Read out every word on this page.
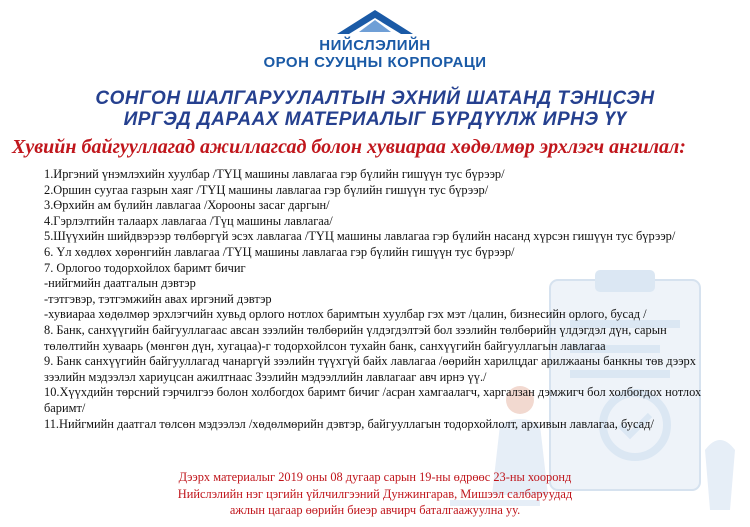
НИЙСЛЭЛИЙН
ОРОН СУУЦНЫ КОРПОРАЦИ
СОНГОН ШАЛГАРУУЛАЛТЫН ЭХНИЙ ШАТАНД ТЭНЦСЭН
ИРГЭД ДАРААХ МАТЕРИАЛЫГ БҮРДҮҮЛЖ ИРНЭ ҮҮ
Хувийн байгууллагад ажиллагсад болон хувиараа хөдөлмөр эрхлэгч ангилал:
1.Иргэний үнэмлэхийн хуулбар /ТҮЦ машины лавлагаа гэр бүлийн гишүүн тус бүрээр/
2.Оршин суугаа газрын хаяг /ТҮЦ машины лавлагаа гэр бүлийн гишүүн тус бүрээр/
3.Өрхийн ам бүлийн лавлагаа /Хорооны засаг даргын/
4.Гэрлэлтийн талаарх лавлагаа /Түц машины лавлагаа/
5.Шүүхийн шийдвэрээр төлбөргүй эсэх лавлагаа /ТҮЦ машины лавлагаа гэр бүлийн насанд хүрсэн гишүүн тус бүрээр/
6. Үл хөдлөх хөрөнгийн лавлагаа /ТҮЦ машины лавлагаа гэр бүлийн гишүүн тус бүрээр/
7. Орлогоо тодорхойлох баримт бичиг
-нийгмийн даатгалын дэвтэр
-тэтгэвэр, тэтгэмжийн авах иргэний дэвтэр
-хувиараа хөдөлмөр эрхлэгчийн хувьд орлого нотлох баримтын хуулбар гэх мэт /цалин, бизнесийн орлого, бусад /
8. Банк, санхүүгийн байгууллагаас авсан зээлийн төлбөрийн үлдэгдэлтэй бол зээлийн төлбөрийн үлдэгдэл дүн, сарын төлөлтийн хуваарь (мөнгөн дүн, хугацаа)-г тодорхойлсон тухайн банк, санхүүгийн байгууллагын лавлагаа
9. Банк санхүүгийн байгууллагад чанаргүй зээлийн түүхгүй байх лавлагаа /өөрийн харилцдаг арилжааны банкны төв дээрх зээлийн мэдээлэл хариуцсан ажилтнаас Зээлийн мэдээллийн лавлагааг авч ирнэ үү./
10.Хүүхдийн төрсний гэрчилгээ болон холбогдох баримт бичиг /асран хамгаалагч, харгалзан дэмжигч бол холбогдох нотлох баримт/
11.Нийгмийн даатгал төлсөн мэдээлэл /хөдөлмөрийн дэвтэр, байгууллагын тодорхойлолт, архивын лавлагаа, бусад/
Дээрх материалыг 2019 оны 08 дугаар сарын 19-ны өдрөөс 23-ны хооронд
Нийслэлийн нэг цэгийн үйлчилгээний Дунжингарав, Мишээл салбаруудад
ажлын цагаар өөрийн биеэр авчирч баталгаажуулна уу.
